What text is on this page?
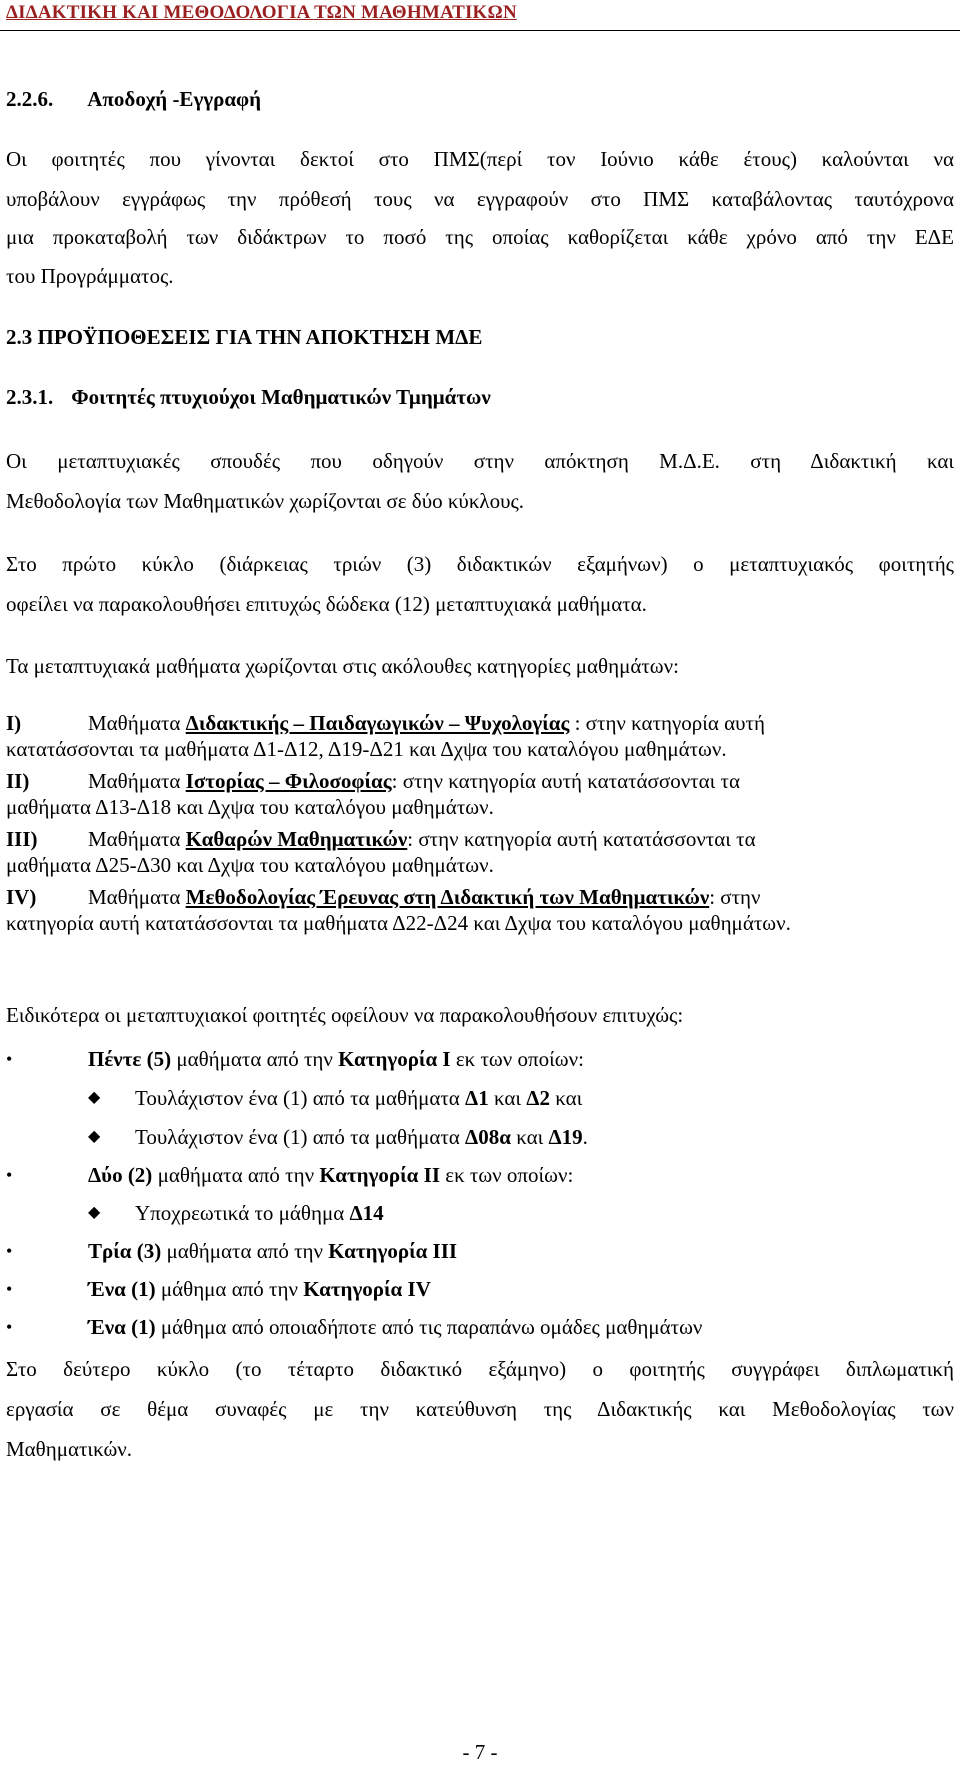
ΔΙΔΑΚΤΙΚΗ ΚΑΙ ΜΕΘΟΔΟΛΟΓΙΑ ΤΩΝ ΜΑΘΗΜΑΤΙΚΩΝ
2.2.6. Αποδοχή -Εγγραφή
Οι φοιτητές που γίνονται δεκτοί στο ΠΜΣ(περί τον Ιούνιο κάθε έτους) καλούνται να
υποβάλουν εγγράφως την πρόθεσή τους να εγγραφούν στο ΠΜΣ καταβάλοντας ταυτόχρονα
μια προκαταβολή των διδάκτρων το ποσό της οποίας καθορίζεται κάθε χρόνο από την ΕΔΕ
του Προγράμματος.
2.3 ΠΡΟΫΠΟΘΕΣΕΙΣ ΓΙΑ ΤΗΝ ΑΠΟΚΤΗΣΗ ΜΔΕ
2.3.1. Φοιτητές πτυχιούχοι Μαθηματικών Τμημάτων
Οι μεταπτυχιακές σπουδές που οδηγούν στην απόκτηση Μ.Δ.Ε. στη Διδακτική και
Μεθοδολογία των Μαθηματικών χωρίζονται σε δύο κύκλους.
Στο πρώτο κύκλο (διάρκειας τριών (3) διδακτικών εξαμήνων) ο μεταπτυχιακός φοιτητής
οφείλει να παρακολουθήσει επιτυχώς δώδεκα (12) μεταπτυχιακά μαθήματα.
Τα μεταπτυχιακά μαθήματα χωρίζονται στις ακόλουθες κατηγορίες μαθημάτων:
Ι)	Μαθήματα Διδακτικής – Παιδαγωγικών – Ψυχολογίας : στην κατηγορία αυτή
κατατάσσονται τα μαθήματα Δ1-Δ12, Δ19-Δ21 και Δχψα του καταλόγου μαθημάτων.
ΙΙ)	Μαθήματα Ιστορίας – Φιλοσοφίας: στην κατηγορία αυτή κατατάσσονται τα
μαθήματα Δ13-Δ18 και Δχψα του καταλόγου μαθημάτων.
ΙΙΙ) Μαθήματα Καθαρών Μαθηματικών: στην κατηγορία αυτή κατατάσσονται τα
μαθήματα Δ25-Δ30 και Δχψα του καταλόγου μαθημάτων.
ΙV) Μαθήματα Μεθοδολογίας Έρευνας στη Διδακτική των Μαθηματικών: στην
κατηγορία αυτή κατατάσσονται τα μαθήματα Δ22-Δ24 και Δχψα του καταλόγου μαθημάτων.
Ειδικότερα οι μεταπτυχιακοί φοιτητές οφείλουν να παρακολουθήσουν επιτυχώς:
•	Πέντε (5) μαθήματα από την Κατηγορία Ι εκ των οποίων:
◆ Τουλάχιστον ένα (1) από τα μαθήματα Δ1 και Δ2 και
◆ Τουλάχιστον ένα (1) από τα μαθήματα Δ08α και Δ19.
•	Δύο (2) μαθήματα από την Κατηγορία ΙΙ εκ των οποίων:
◆ Υποχρεωτικά το μάθημα Δ14
•	Τρία (3) μαθήματα από την Κατηγορία ΙΙΙ
•	Ένα (1) μάθημα από την Κατηγορία ΙV
•	Ένα (1) μάθημα από οποιαδήποτε από τις παραπάνω ομάδες μαθημάτων
Στο δεύτερο κύκλο (το τέταρτο διδακτικό εξάμηνο) ο φοιτητής συγγράφει διπλωματική
εργασία σε θέμα συναφές με την κατεύθυνση της Διδακτικής και Μεθοδολογίας των
Μαθηματικών.
- 7 -
